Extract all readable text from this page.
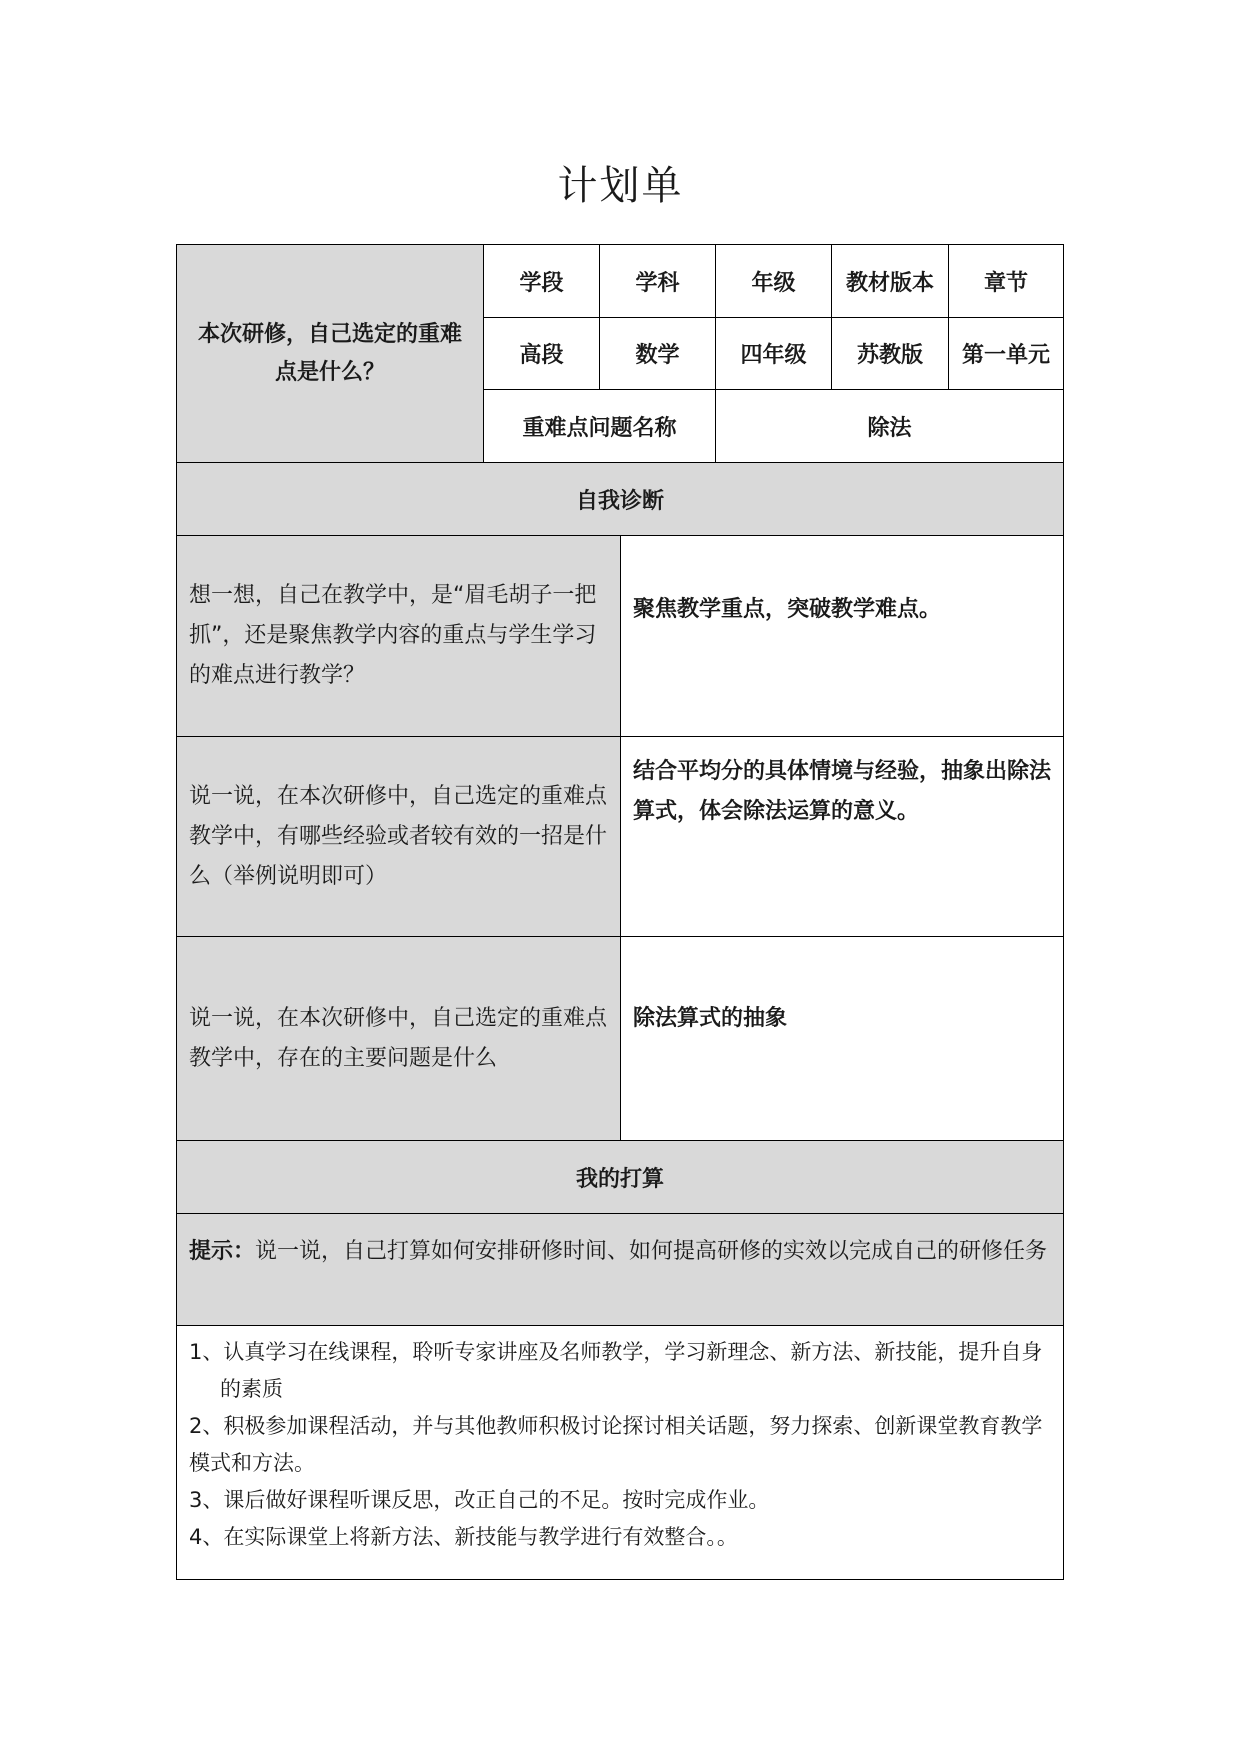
计划单
本次研修，自己选定的重难点是什么？
学段	学科	年级	教材版本	章节
高段	数学	四年级	苏教版	第一单元
重难点问题名称	除法
自我诊断
想一想，自己在教学中，是“眉毛胡子一把抓”，还是聚焦教学内容的重点与学生学习的难点进行教学？
聚焦教学重点，突破教学难点。
说一说，在本次研修中，自己选定的重难点教学中，有哪些经验或者较有效的一招是什么（举例说明即可）
结合平均分的具体情境与经验，抽象出除法算式，体会除法运算的意义。
说一说，在本次研修中，自己选定的重难点教学中，存在的主要问题是什么
除法算式的抽象
我的打算
提示：说一说，自己打算如何安排研修时间、如何提高研修的实效以完成自己的研修任务

1、认真学习在线课程，聆听专家讲座及名师教学，学习新理念、新方法、新技能，提升自身的素质

2、积极参加课程活动，并与其他教师积极讨论探讨相关话题，努力探索、创新课堂教育教学模式和方法。

3、课后做好课程听课反思，改正自己的不足。按时完成作业。

4、在实际课堂上将新方法、新技能与教学进行有效整合。。
